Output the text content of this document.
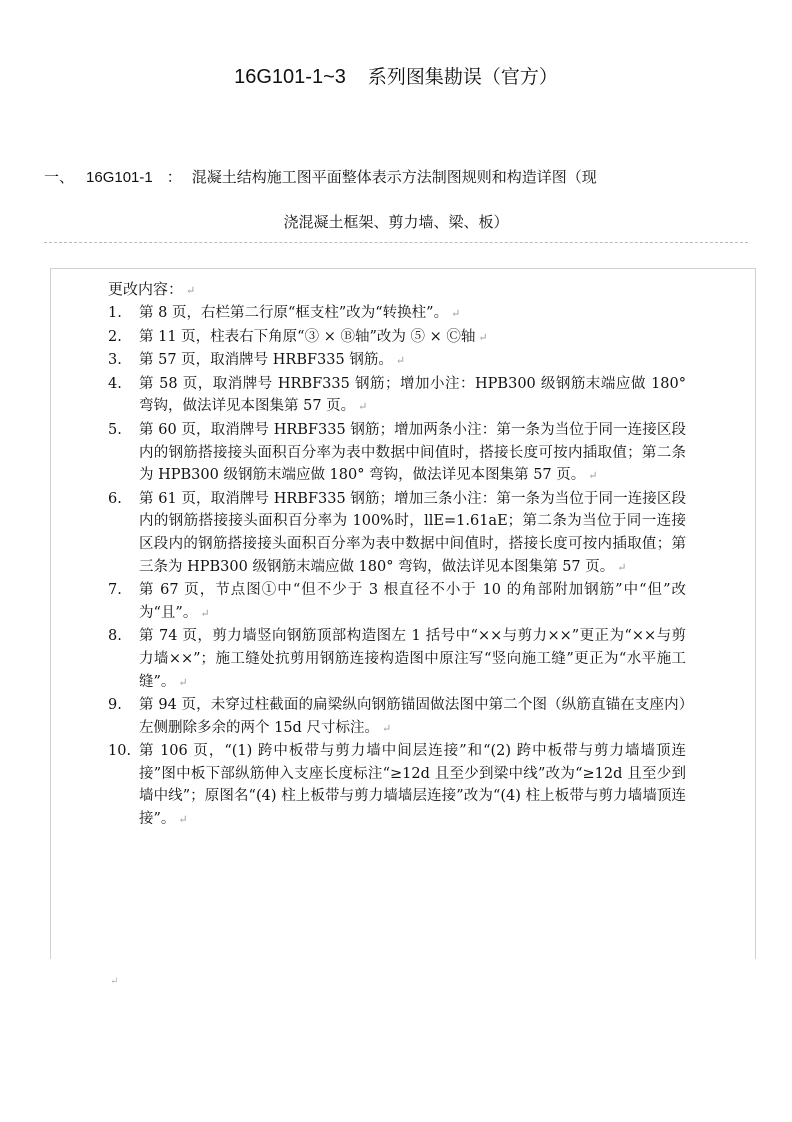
16G101-1~3 系列图集勘误（官方）
一、 16G101-1 ： 混凝土结构施工图平面整体表示方法制图规则和构造详图（现
浇混凝土框架、剪力墙、梁、板）
更改内容： ↵
1. 第 8 页，右栏第二行原“框支柱”改为“转换柱”。 ↵
2. 第 11 页，柱表右下角原“③ × Ⓑ轴”改为 ⑤ × Ⓒ轴 ↵
3. 第 57 页，取消牌号 HRBF335 钢筋。 ↵
4. 第 58 页，取消牌号 HRBF335 钢筋；增加小注：HPB300 级钢筋末端应做 180° 弯钩，做法详见本图集第 57 页。 ↵
5. 第 60 页，取消牌号 HRBF335 钢筋；增加两条小注：第一条为当位于同一连接区段内的钢筋搭接接头面积百分率为表中数据中间值时，搭接长度可按内插取值；第二条为 HPB300 级钢筋末端应做 180° 弯钩，做法详见本图集第 57 页。 ↵
6. 第 61 页，取消牌号 HRBF335 钢筋；增加三条小注：第一条为当位于同一连接区段内的钢筋搭接接头面积百分率为 100%时，llE=1.61aE；第二条为当位于同一连接区段内的钢筋搭接接头面积百分率为表中数据中间值时，搭接长度可按内插取值；第三条为 HPB300 级钢筋末端应做 180° 弯钩，做法详见本图集第 57 页。 ↵
7. 第 67 页，节点图①中“但不少于 3 根直径不小于 10 的角部附加钢筋”中“但”改为“且”。 ↵
8. 第 74 页，剪力墙竖向钢筋顶部构造图左 1 括号中“××与剪力××”更正为“××与剪力墙××”；施工缝处抗剪用钢筋连接构造图中原注写“竖向施工缝”更正为“水平施工缝”。 ↵
9. 第 94 页，未穿过柱截面的扁梁纵向钢筋锚固做法图中第二个图（纵筋直锚在支座内）左侧删除多余的两个 15d 尺寸标注。 ↵
10. 第 106 页，“(1) 跨中板带与剪力墙中间层连接”和“(2) 跨中板带与剪力墙墙顶连接”图中板下部纵筋伸入支座长度标注“≥12d 且至少到梁中线”改为“≥12d 且至少到墙中线”；原图名“(4) 柱上板带与剪力墙墙层连接”改为“(4) 柱上板带与剪力墙墙顶连接”。 ↵
↵
